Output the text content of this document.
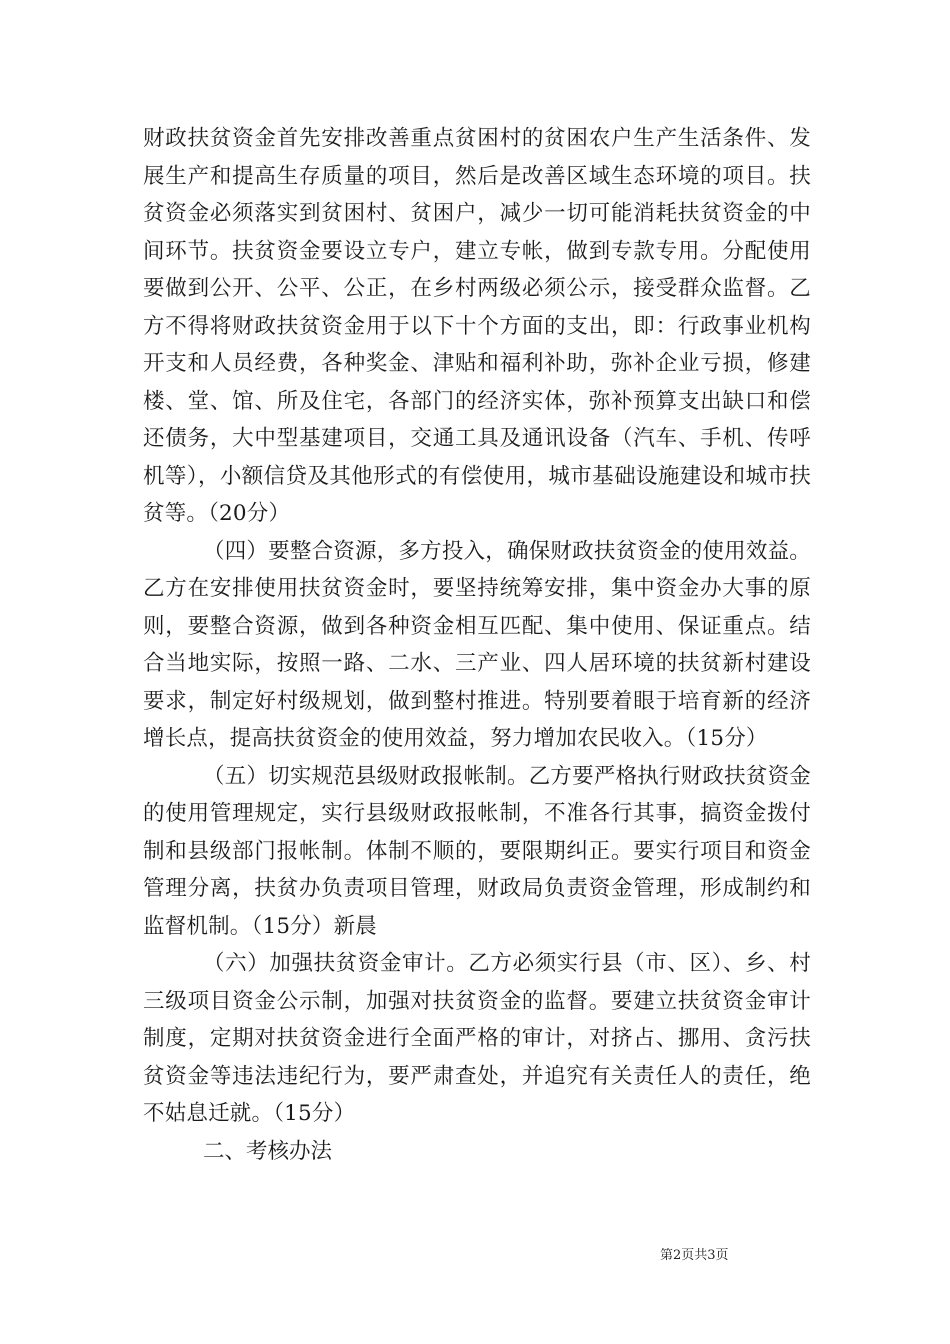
财政扶贫资金首先安排改善重点贫困村的贫困农户生产生活条件、发展生产和提高生存质量的项目，然后是改善区域生态环境的项目。扶贫资金必须落实到贫困村、贫困户，减少一切可能消耗扶贫资金的中间环节。扶贫资金要设立专户，建立专帐，做到专款专用。分配使用要做到公开、公平、公正，在乡村两级必须公示，接受群众监督。乙方不得将财政扶贫资金用于以下十个方面的支出，即：行政事业机构开支和人员经费，各种奖金、津贴和福利补助，弥补企业亏损，修建楼、堂、馆、所及住宅，各部门的经济实体，弥补预算支出缺口和偿还债务，大中型基建项目，交通工具及通讯设备（汽车、手机、传呼机等），小额信贷及其他形式的有偿使用，城市基础设施建设和城市扶贫等。（20分）

（四）要整合资源，多方投入，确保财政扶贫资金的使用效益。乙方在安排使用扶贫资金时，要坚持统筹安排，集中资金办大事的原则，要整合资源，做到各种资金相互匹配、集中使用、保证重点。结合当地实际，按照一路、二水、三产业、四人居环境的扶贫新村建设要求，制定好村级规划，做到整村推进。特别要着眼于培育新的经济增长点，提高扶贫资金的使用效益，努力增加农民收入。（15分）

（五）切实规范县级财政报帐制。乙方要严格执行财政扶贫资金的使用管理规定，实行县级财政报帐制，不准各行其事，搞资金拨付制和县级部门报帐制。体制不顺的，要限期纠正。要实行项目和资金管理分离，扶贫办负责项目管理，财政局负责资金管理，形成制约和监督机制。（15分）新晨

（六）加强扶贫资金审计。乙方必须实行县（市、区）、乡、村三级项目资金公示制，加强对扶贫资金的监督。要建立扶贫资金审计制度，定期对扶贫资金进行全面严格的审计，对挤占、挪用、贪污扶贫资金等违法违纪行为，要严肃查处，并追究有关责任人的责任，绝不姑息迁就。（15分）

二、考核办法

第2页共3页
